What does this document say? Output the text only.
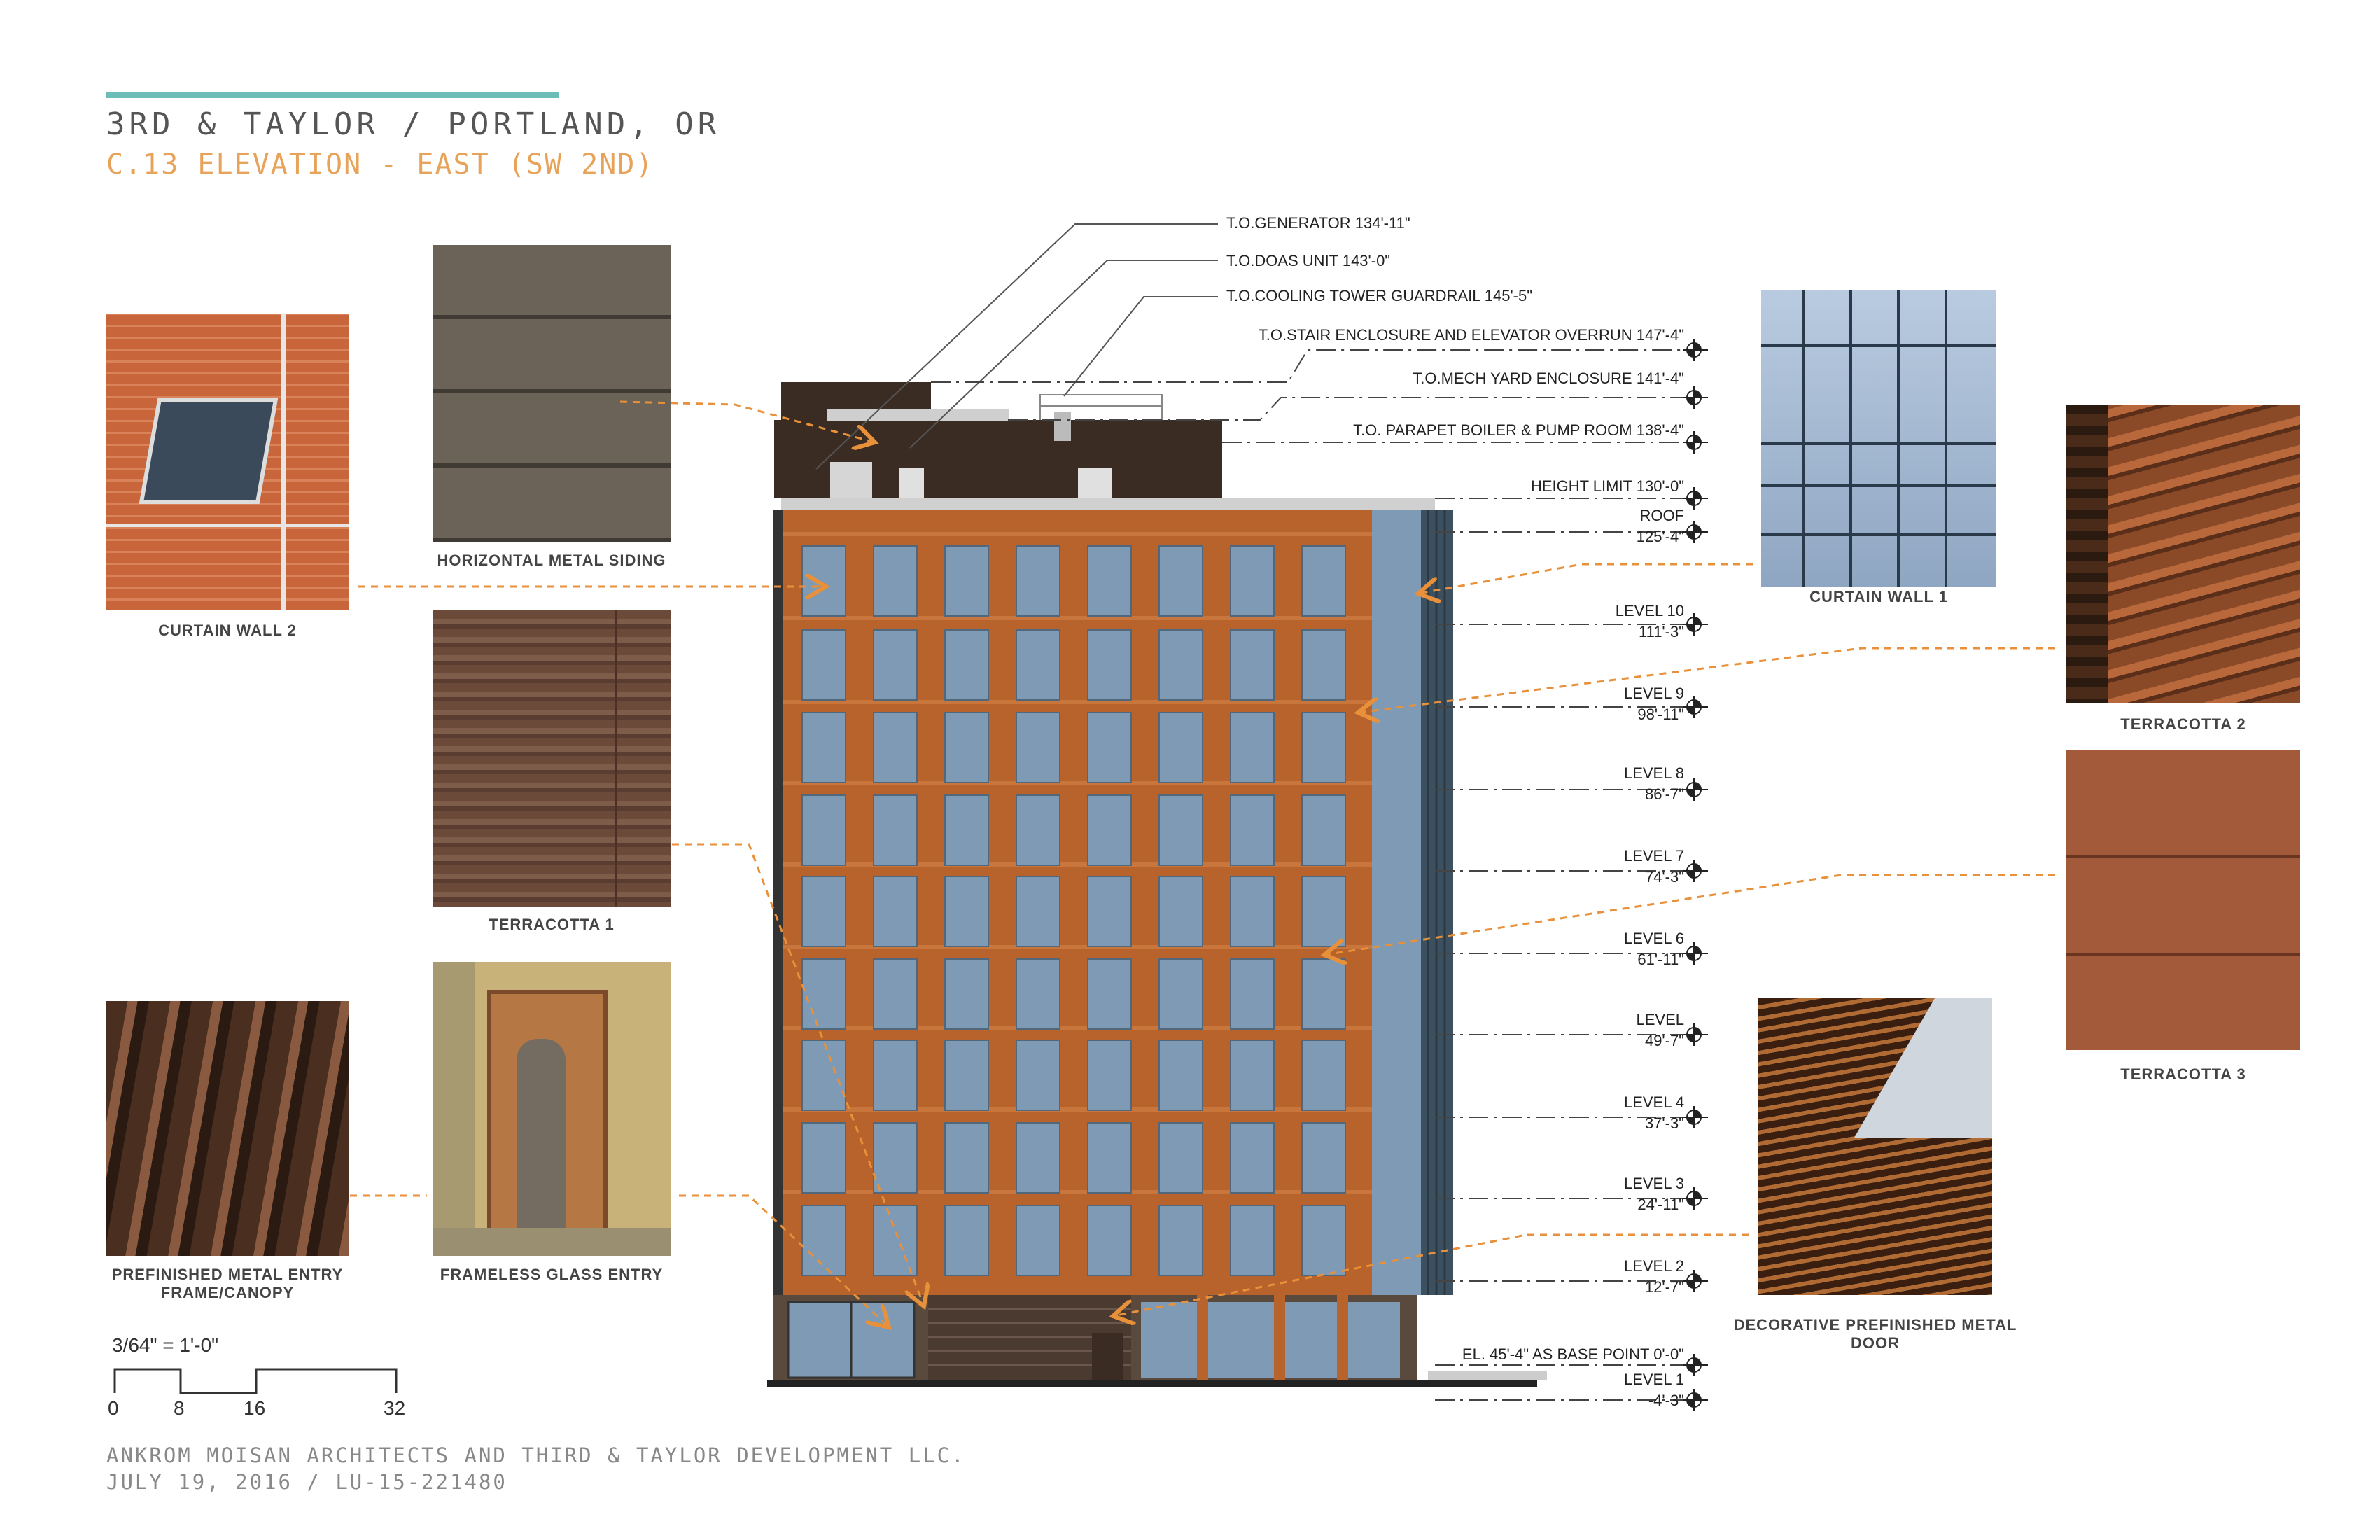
3RD & TAYLOR / PORTLAND, OR
C.13 ELEVATION - EAST (SW 2ND)
CURTAIN WALL 2
HORIZONTAL METAL SIDING
TERRACOTTA 1
PREFINISHED METAL ENTRY
FRAME/CANOPY
FRAMELESS GLASS ENTRY
CURTAIN WALL 1
TERRACOTTA 2
TERRACOTTA 3
DECORATIVE PREFINISHED METAL
DOOR
T.O.GENERATOR 134'-11"
T.O.DOAS UNIT 143'-0"
T.O.COOLING TOWER GUARDRAIL 145'-5"
T.O.STAIR ENCLOSURE AND ELEVATOR OVERRUN 147'-4"
T.O.MECH YARD ENCLOSURE 141'-4"
T.O. PARAPET BOILER & PUMP ROOM 138'-4"
HEIGHT LIMIT 130'-0"
ROOF
125'-4"
LEVEL 10
111'-3"
LEVEL 9
98'-11"
LEVEL 8
86'-7"
LEVEL 7
74'-3"
LEVEL 6
61'-11"
LEVEL
49'-7"
LEVEL 4
37'-3"
LEVEL 3
24'-11"
LEVEL 2
12'-7"
EL. 45'-4" AS BASE POINT 0'-0"
LEVEL 1
-4'-3"
3/64" = 1'-0"
0	8	16	32
ANKROM MOISAN ARCHITECTS AND THIRD & TAYLOR DEVELOPMENT LLC.
JULY 19, 2016 / LU-15-221480
